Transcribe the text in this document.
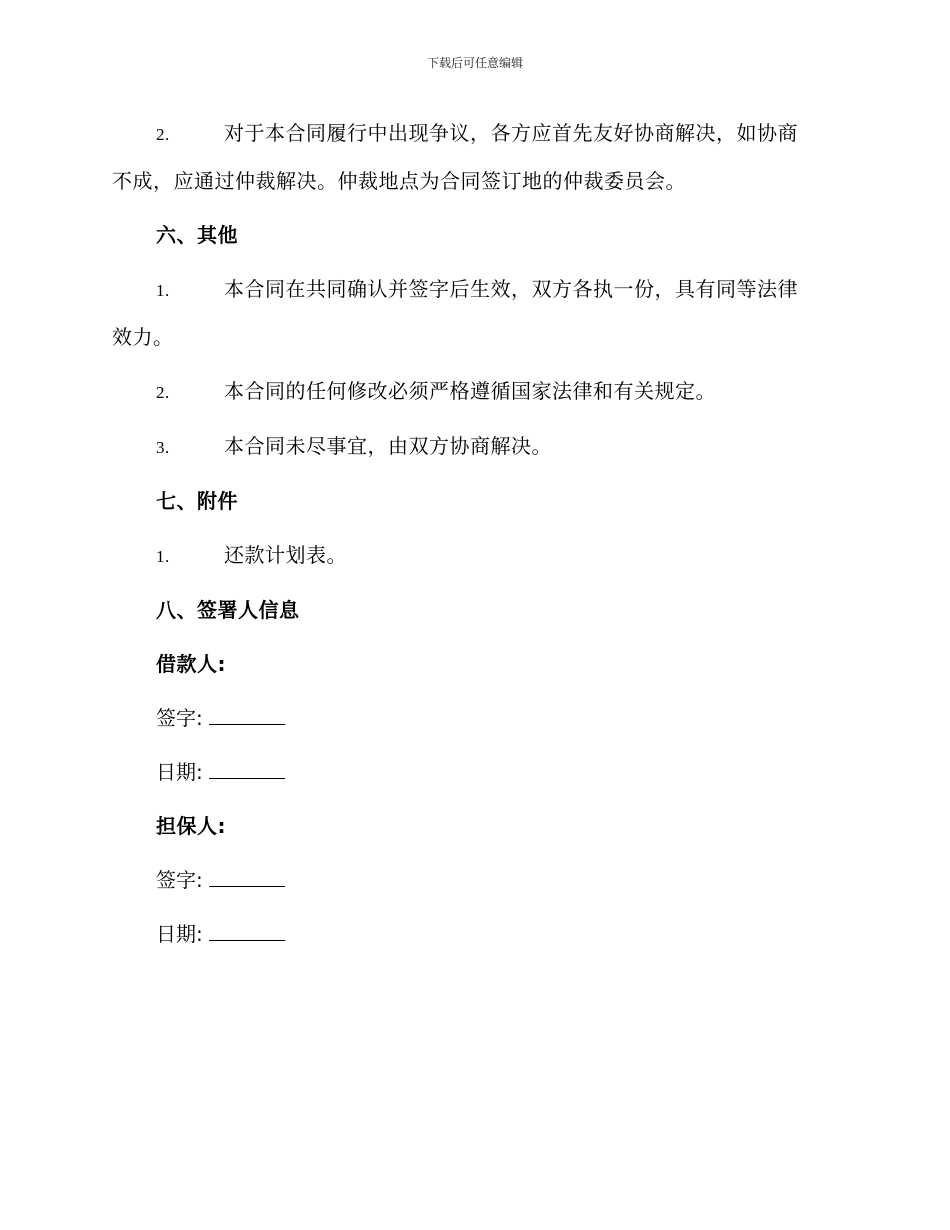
下载后可任意编辑
2.	对于本合同履行中出现争议，各方应首先友好协商解决，如协商
不成，应通过仲裁解决。仲裁地点为合同签订地的仲裁委员会。
六、其他
1.	本合同在共同确认并签字后生效，双方各执一份，具有同等法律
效力。
2.	本合同的任何修改必须严格遵循国家法律和有关规定。
3.	本合同未尽事宜，由双方协商解决。
七、附件
1.	还款计划表。
八、签署人信息
借款人:
签字:
日期:
担保人:
签字:
日期:
